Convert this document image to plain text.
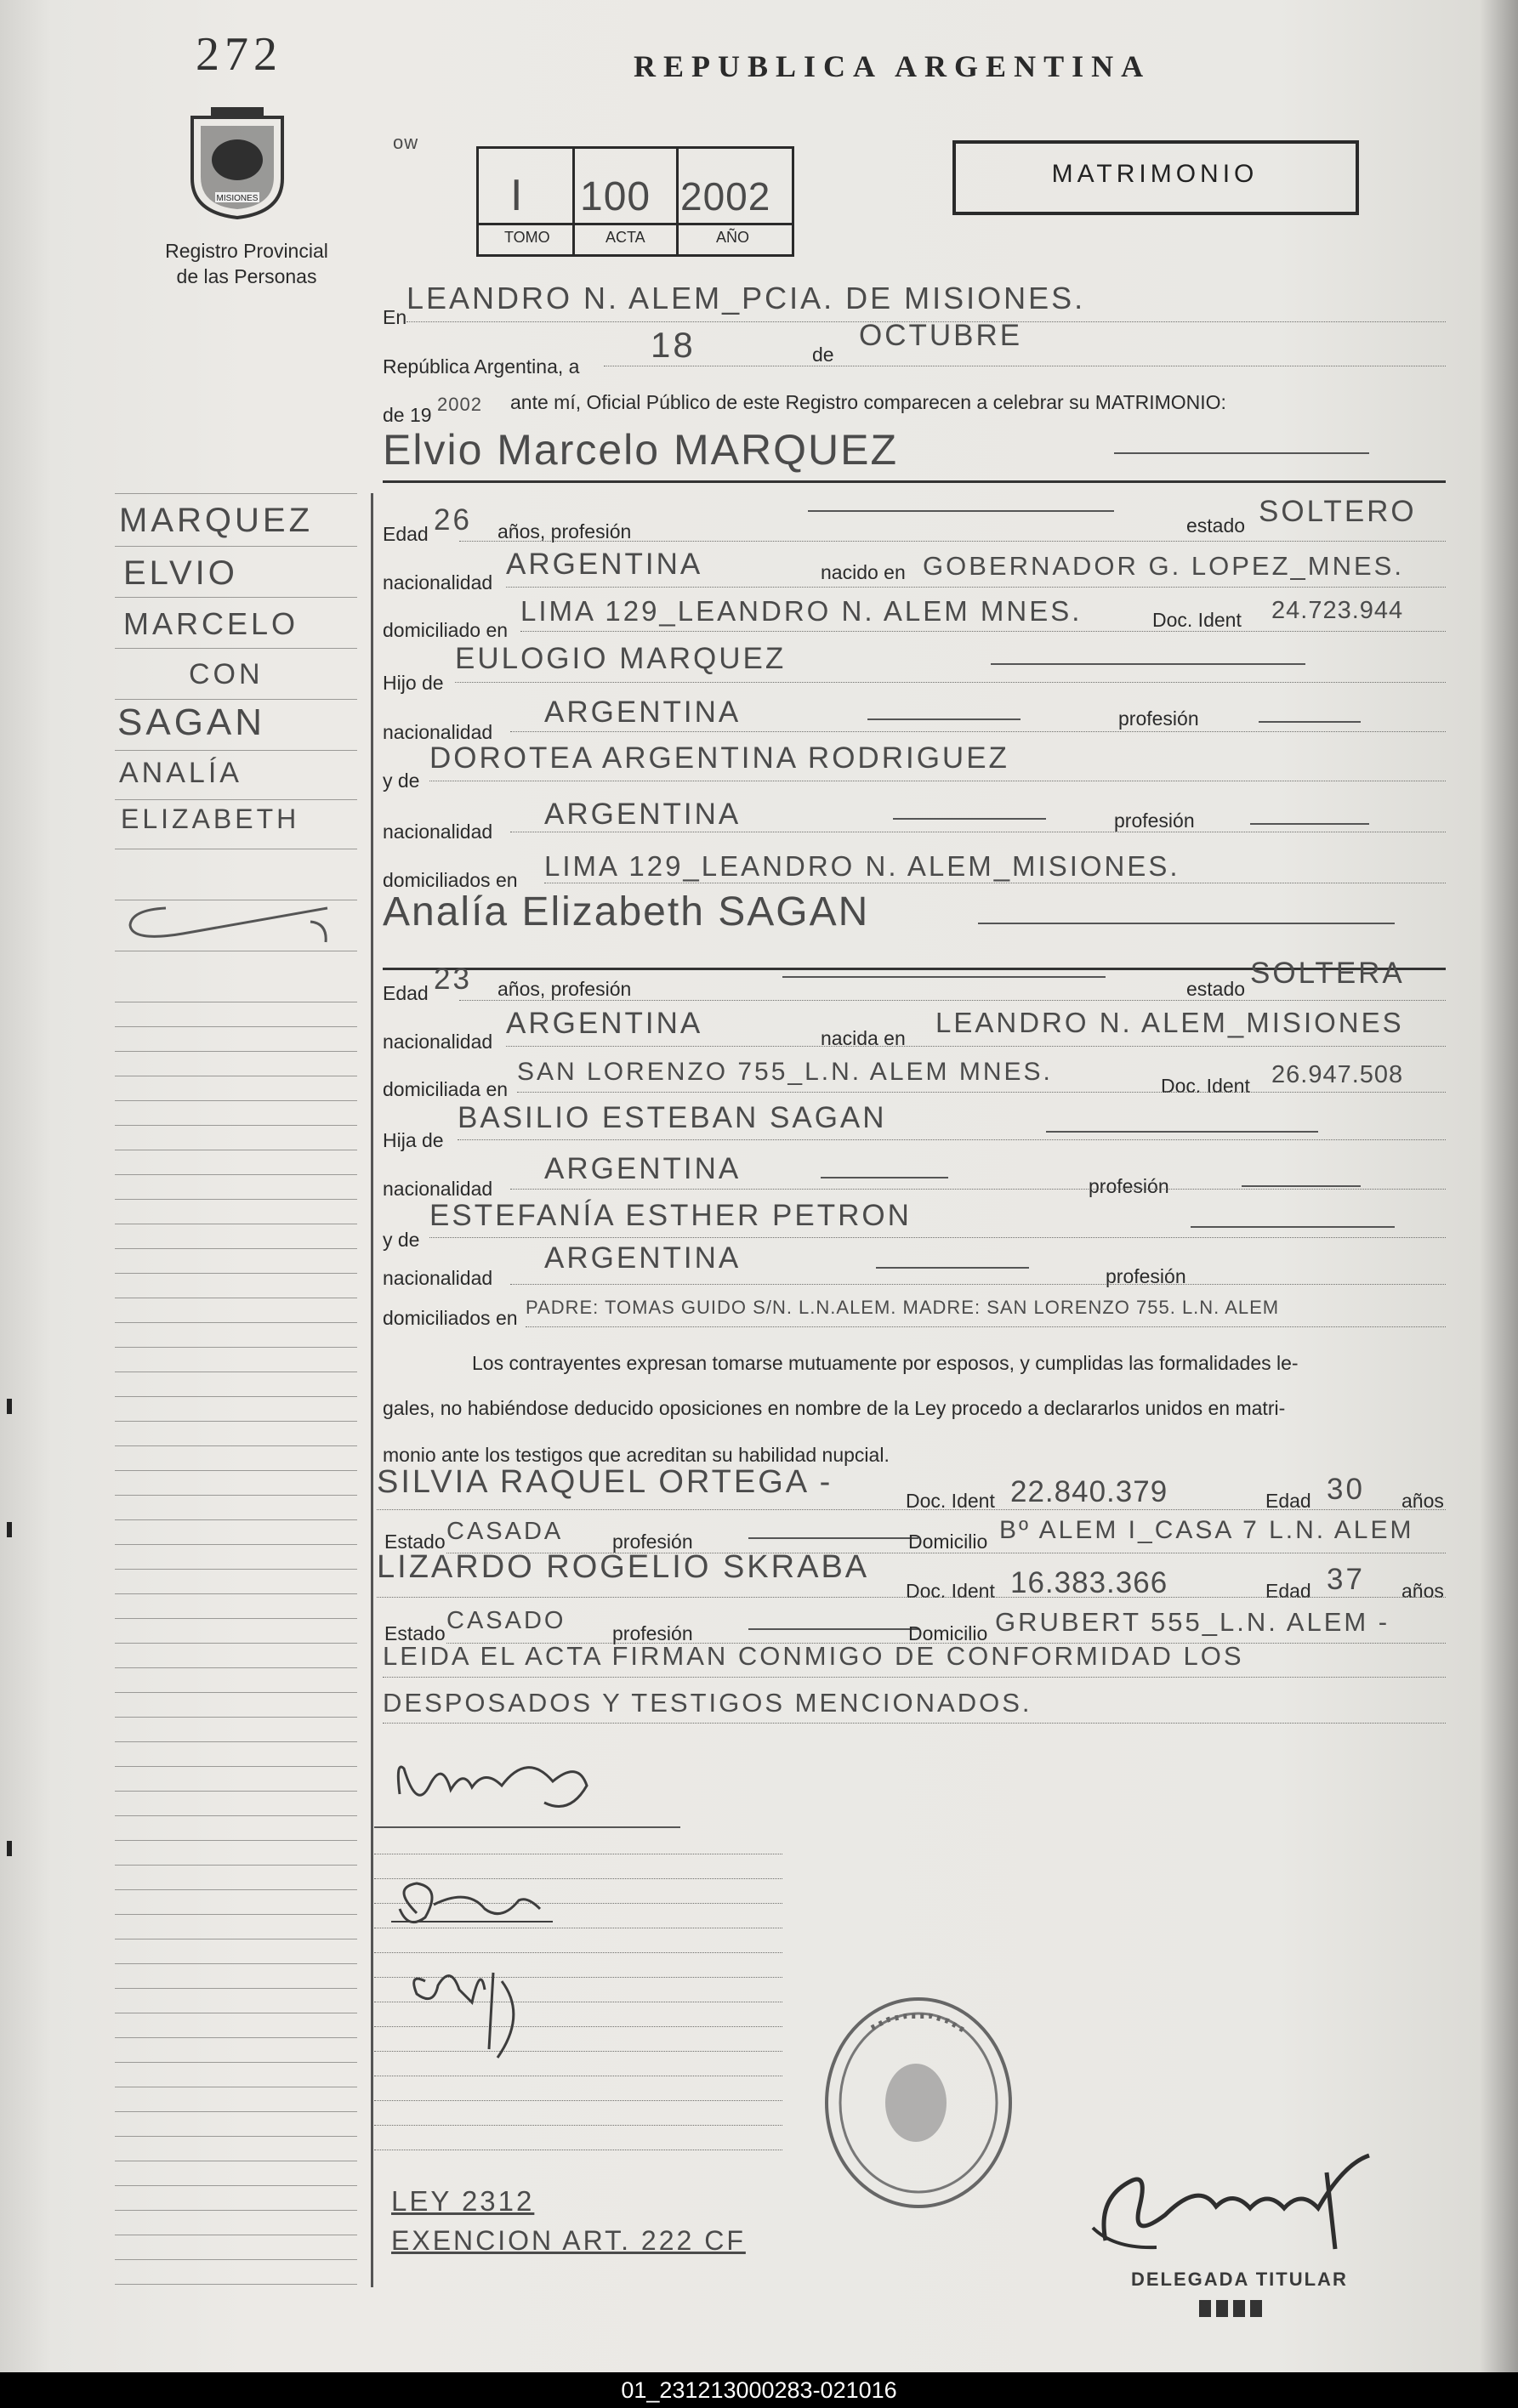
272
MISIONES
Registro Provincial
de las Personas
REPUBLICA ARGENTINA
ow
I 100 2002
TOMO	ACTA	AÑO
MATRIMONIO
En
LEANDRO N. ALEM_PCIA. DE MISIONES.
República Argentina, a
18	de
OCTUBRE
de 19 2002 ante mí, Oficial Público de este Registro comparecen a celebrar su MATRIMONIO:
Elvio Marcelo MARQUEZ
MARQUEZ
ELVIO
MARCELO
CON
SAGAN
ANALÍA
ELIZABETH
Edad 26 años, profesión	estado SOLTERO
nacionalidad
ARGENTINA	nacido en GOBERNADOR G. LOPEZ_MNES.
domiciliado en
LIMA 129_LEANDRO N. ALEM MNES.	Doc. Ident 24.723.944
Hijo de
EULOGIO MARQUEZ
nacionalidad
ARGENTINA	profesión
y de
DOROTEA ARGENTINA RODRIGUEZ
nacionalidad
ARGENTINA	profesión
domiciliados en LIMA 129_LEANDRO N. ALEM_MISIONES.
Analía Elizabeth SAGAN
Edad 23 años, profesión	estado SOLTERA
nacionalidad
ARGENTINA	nacida en LEANDRO N. ALEM_MISIONES
domiciliada en
SAN LORENZO 755_L.N. ALEM MNES.	Doc. Ident 26.947.508
Hija de
BASILIO ESTEBAN SAGAN
nacionalidad
ARGENTINA
profesión
y de
ESTEFANÍA ESTHER PETRON
nacionalidad
ARGENTINA
profesión
domiciliados en PADRE: TOMAS GUIDO S/N. L.N.ALEM. MADRE: SAN LORENZO 755. L.N. ALEM
Los contrayentes expresan tomarse mutuamente por esposos, y cumplidas las formalidades le-
gales, no habiéndose deducido oposiciones en nombre de la Ley procedo a declararlos unidos en matri-
monio ante los testigos que acreditan su habilidad nupcial.
SILVIA RAQUEL ORTEGA -
Doc. Ident 22.840.379	Edad 30 años
Estado CASADA	profesión	Domicilio Bº ALEM I_CASA 7 L.N. ALEM
LIZARDO ROGELIO SKRABA
Doc. Ident 16.383.366	Edad 37 años
Estado CASADO profesión	Domicilio GRUBERT 555_L.N. ALEM -
LEIDA EL ACTA FIRMAN CONMIGO DE CONFORMIDAD LOS
DESPOSADOS Y TESTIGOS MENCIONADOS.
LEY 2312
EXENCION ART. 222 CF
DELEGADA TITULAR
01_231213000283-021016
